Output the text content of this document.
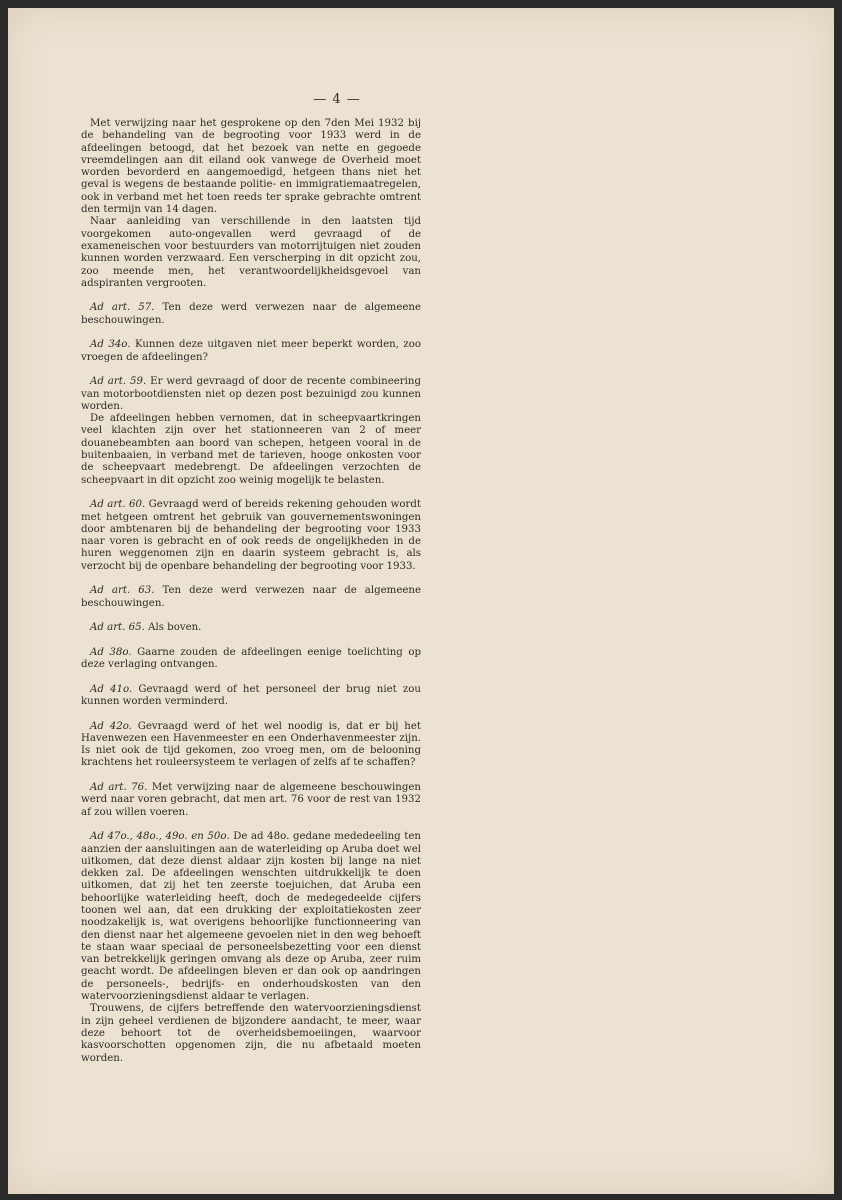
— 4 —

Met verwijzing naar het gesprokene op den 7den Mei 1932 bij de behandeling van de begrooting voor 1933 werd in de afdeelingen betoogd, dat het bezoek van nette en gegoede vreemdelingen aan dit eiland ook vanwege de Overheid moet worden bevorderd en aangemoedigd, hetgeen thans niet het geval is wegens de bestaande politie- en immigratiemaatregelen, ook in verband met het toen reeds ter sprake gebrachte omtrent den termijn van 14 dagen.

Naar aanleiding van verschillende in den laatsten tijd voorgekomen auto-ongevallen werd gevraagd of de exameneischen voor bestuurders van motorrijtuigen niet zouden kunnen worden verzwaard. Een verscherping in dit opzicht zou, zoo meende men, het verantwoordelijkheidsgevoel van adspiranten vergrooten.

Ad art. 57. Ten deze werd verwezen naar de algemeene beschouwingen.

Ad 34o. Kunnen deze uitgaven niet meer beperkt worden, zoo vroegen de afdeelingen?

Ad art. 59. Er werd gevraagd of door de recente combineering van motorbootdiensten niet op dezen post bezuinigd zou kunnen worden.

De afdeelingen hebben vernomen, dat in scheepvaartkringen veel klachten zijn over het stationneeren van 2 of meer douanebeambten aan boord van schepen, hetgeen vooral in de buitenbaaien, in verband met de tarieven, hooge onkosten voor de scheepvaart medebrengt. De afdeelingen verzochten de scheepvaart in dit opzicht zoo weinig mogelijk te belasten.

Ad art. 60. Gevraagd werd of bereids rekening gehouden wordt met hetgeen omtrent het gebruik van gouvernementswoningen door ambtenaren bij de behandeling der begrooting voor 1933 naar voren is gebracht en of ook reeds de ongelijkheden in de huren weggenomen zijn en daarin systeem gebracht is, als verzocht bij de openbare behandeling der begrooting voor 1933.

Ad art. 63. Ten deze werd verwezen naar de algemeene beschouwingen.

Ad art. 65. Als boven.

Ad 38o. Gaarne zouden de afdeelingen eenige toelichting op deze verlaging ontvangen.

Ad 41o. Gevraagd werd of het personeel der brug niet zou kunnen worden verminderd.

Ad 42o. Gevraagd werd of het wel noodig is, dat er bij het Havenwezen een Havenmeester en een Onderhavenmeester zijn. Is niet ook de tijd gekomen, zoo vroeg men, om de belooning krachtens het rouleersysteem te verlagen of zelfs af te schaffen?

Ad art. 76. Met verwijzing naar de algemeene beschouwingen werd naar voren gebracht, dat men art. 76 voor de rest van 1932 af zou willen voeren.

Ad 47o., 48o., 49o. en 50o. De ad 48o. gedane mededeeling ten aanzien der aansluitingen aan de waterleiding op Aruba doet wel uitkomen, dat deze dienst aldaar zijn kosten bij lange na niet dekken zal. De afdeelingen wenschten uitdrukkelijk te doen uitkomen, dat zij het ten zeerste toejuichen, dat Aruba een behoorlijke waterleiding heeft, doch de medegedeelde cijfers toonen wel aan, dat een drukking der exploitatiekosten zeer noodzakelijk is, wat overigens behoorlijke functionneering van den dienst naar het algemeene gevoelen niet in den weg behoeft te staan waar speciaal de personeelsbezetting voor een dienst van betrekkelijk geringen omvang als deze op Aruba, zeer ruim geacht wordt. De afdeelingen bleven er dan ook op aandringen de personeels-, bedrijfs- en onderhoudskosten van den watervoorzieningsdienst aldaar te verlagen.

Trouwens, de cijfers betreffende den watervoorzieningsdienst in zijn geheel verdienen de bijzondere aandacht, te meer, waar deze behoort tot de overheidsbemoeiingen, waarvoor kasvoorschotten opgenomen zijn, die nu afbetaald moeten worden.
